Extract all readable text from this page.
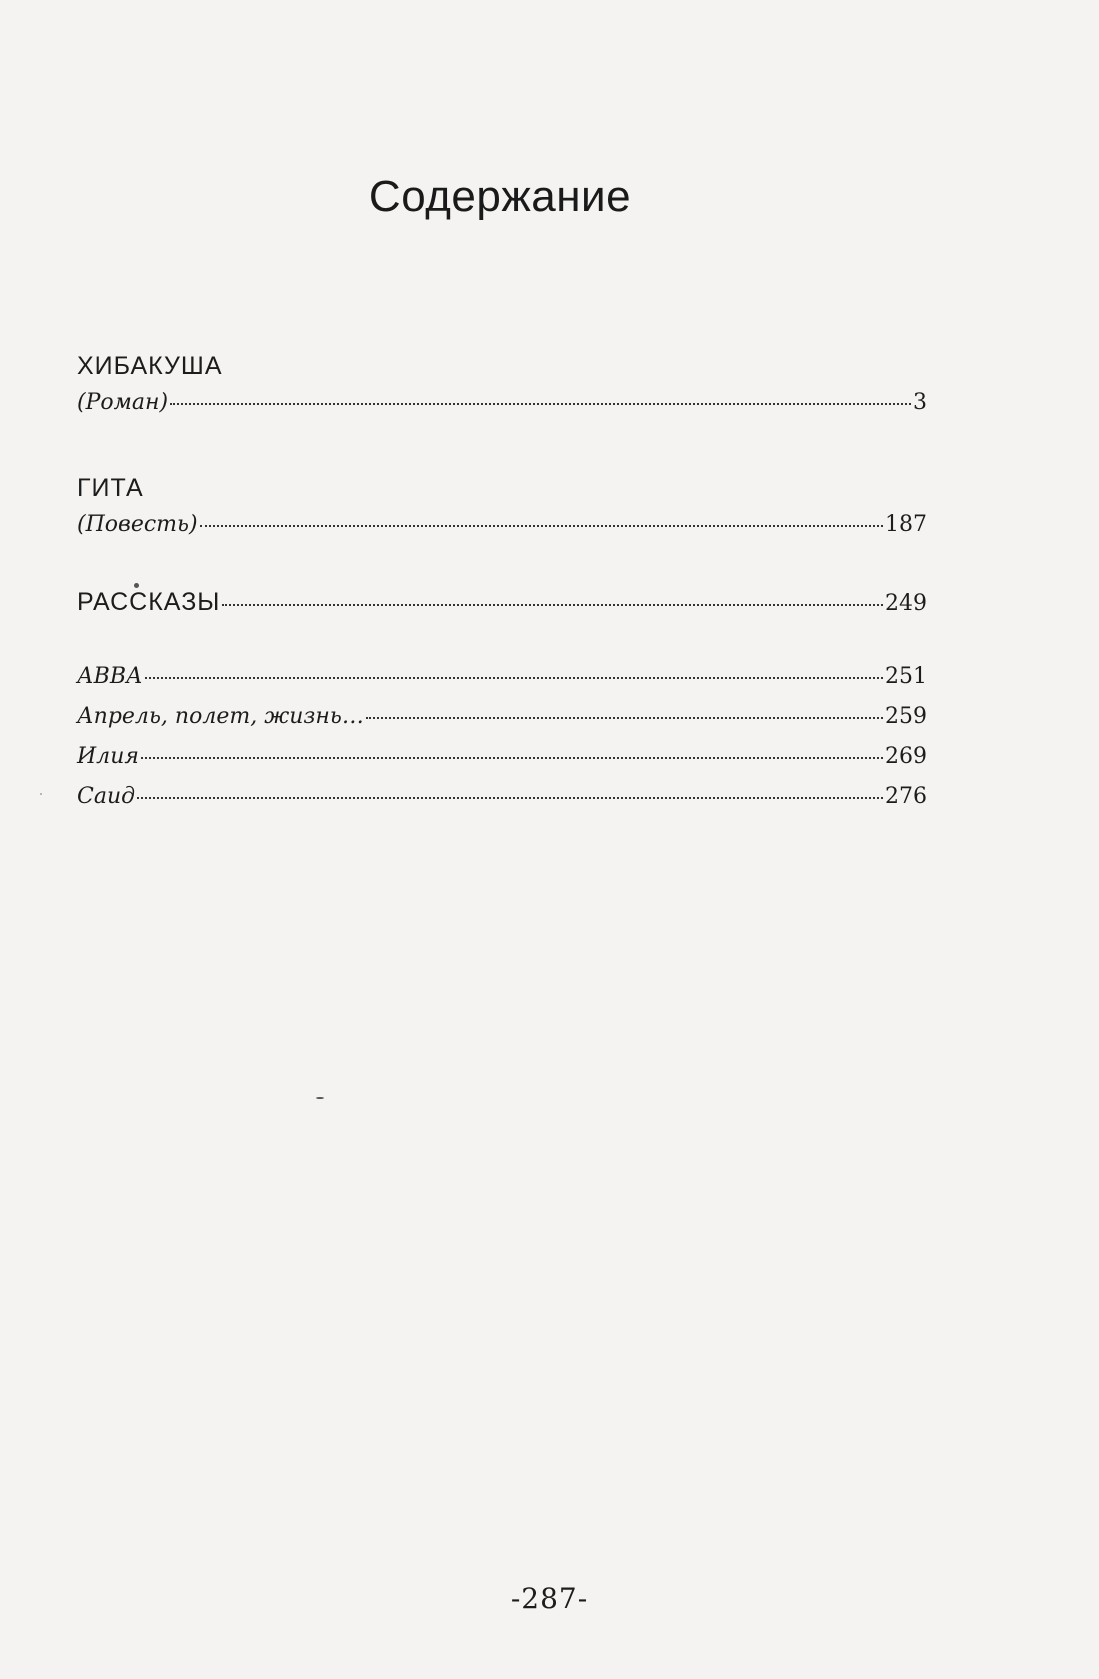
Содержание
ХИБАКУША
(Роман)	3
ГИТА
(Повесть)	187
РАССКАЗЫ	249
АВВА	251
Апрель, полет, жизнь…	259
Илия	269
Саид	276
-287-
